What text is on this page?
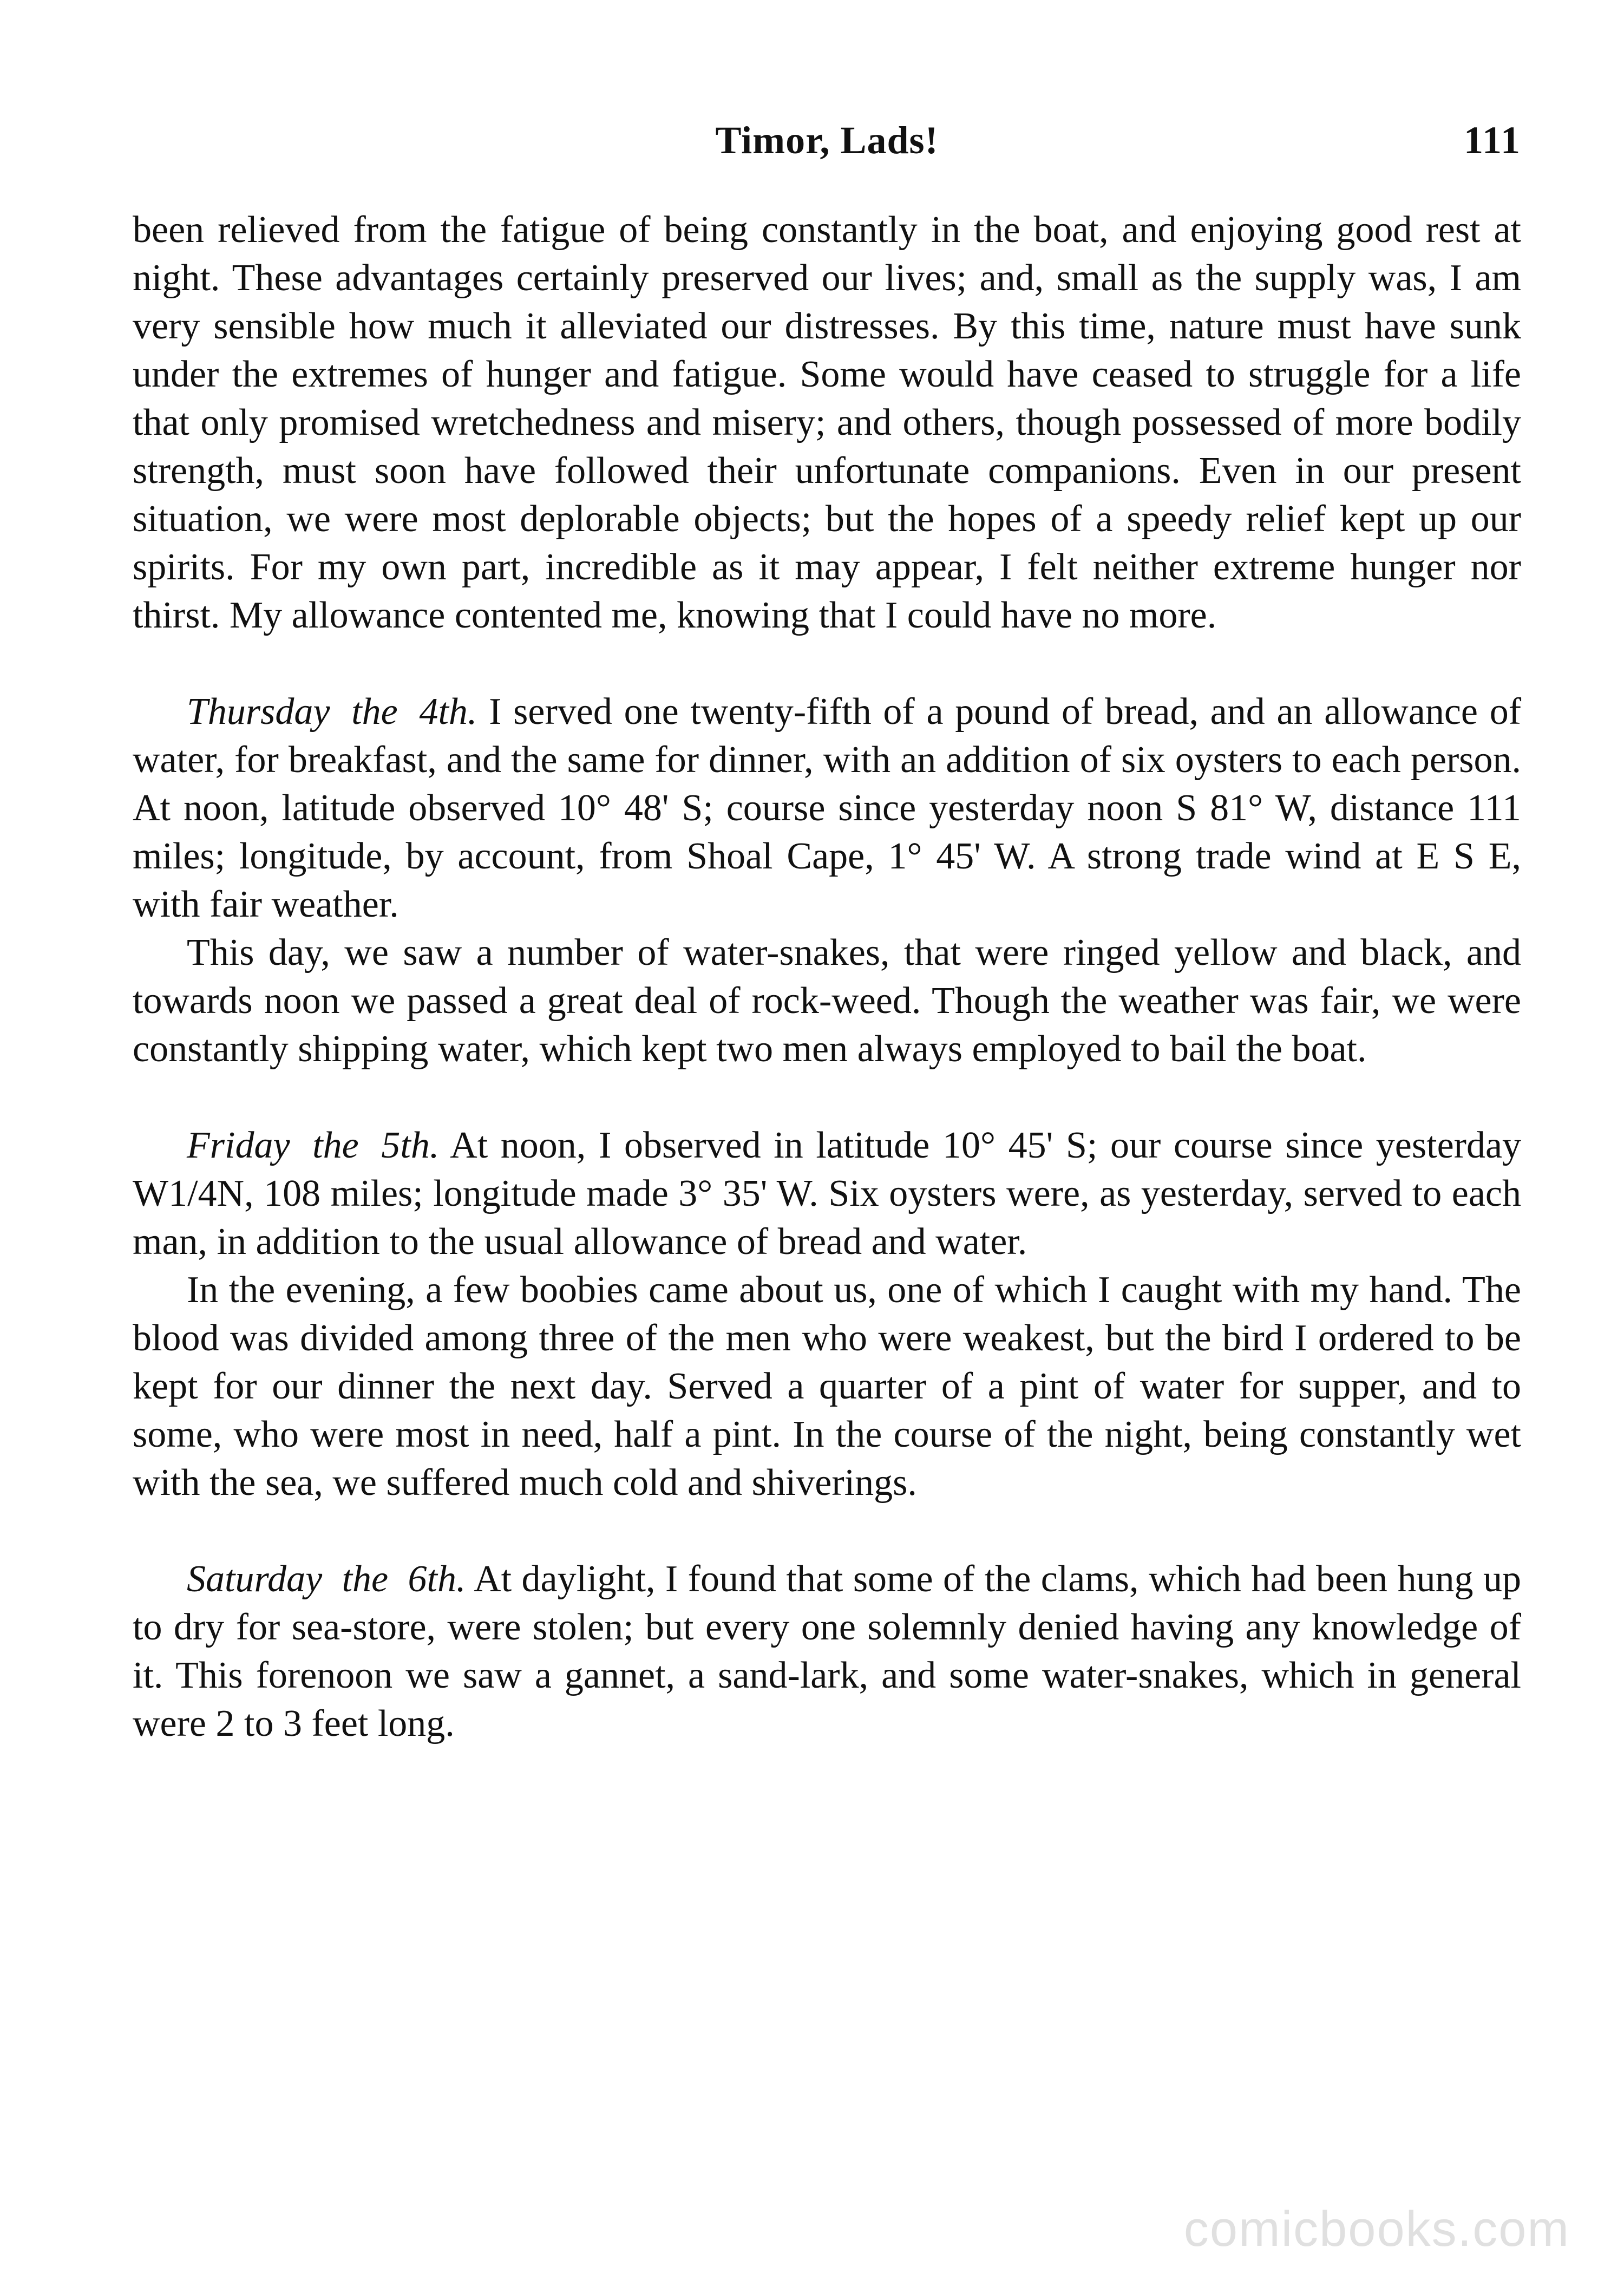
Timor, Lads!	111

been relieved from the fatigue of being constantly in the boat, and enjoying good rest at night. These advantages certainly preserved our lives; and, small as the supply was, I am very sensible how much it alleviated our distresses. By this time, nature must have sunk under the extremes of hunger and fatigue. Some would have ceased to struggle for a life that only promised wretchedness and misery; and others, though possessed of more bodily strength, must soon have followed their unfortunate companions. Even in our present situation, we were most deplorable objects; but the hopes of a speedy relief kept up our spirits. For my own part, incredible as it may appear, I felt neither extreme hunger nor thirst. My allowance contented me, knowing that I could have no more.

Thursday the 4th. I served one twenty-fifth of a pound of bread, and an allowance of water, for breakfast, and the same for dinner, with an addition of six oysters to each person. At noon, latitude observed 10° 48' S; course since yesterday noon S 81° W, distance 111 miles; longitude, by account, from Shoal Cape, 1° 45' W. A strong trade wind at E S E, with fair weather.

This day, we saw a number of water-snakes, that were ringed yellow and black, and towards noon we passed a great deal of rock-weed. Though the weather was fair, we were constantly shipping water, which kept two men always employed to bail the boat.

Friday the 5th. At noon, I observed in latitude 10° 45' S; our course since yesterday W1/4N, 108 miles; longitude made 3° 35' W. Six oysters were, as yesterday, served to each man, in addition to the usual allowance of bread and water.

In the evening, a few boobies came about us, one of which I caught with my hand. The blood was divided among three of the men who were weakest, but the bird I ordered to be kept for our dinner the next day. Served a quarter of a pint of water for supper, and to some, who were most in need, half a pint. In the course of the night, being constantly wet with the sea, we suffered much cold and shiverings.

Saturday the 6th. At daylight, I found that some of the clams, which had been hung up to dry for sea-store, were stolen; but every one solemnly denied having any knowledge of it. This forenoon we saw a gannet, a sand-lark, and some water-snakes, which in general were 2 to 3 feet long.

comicbooks.com
